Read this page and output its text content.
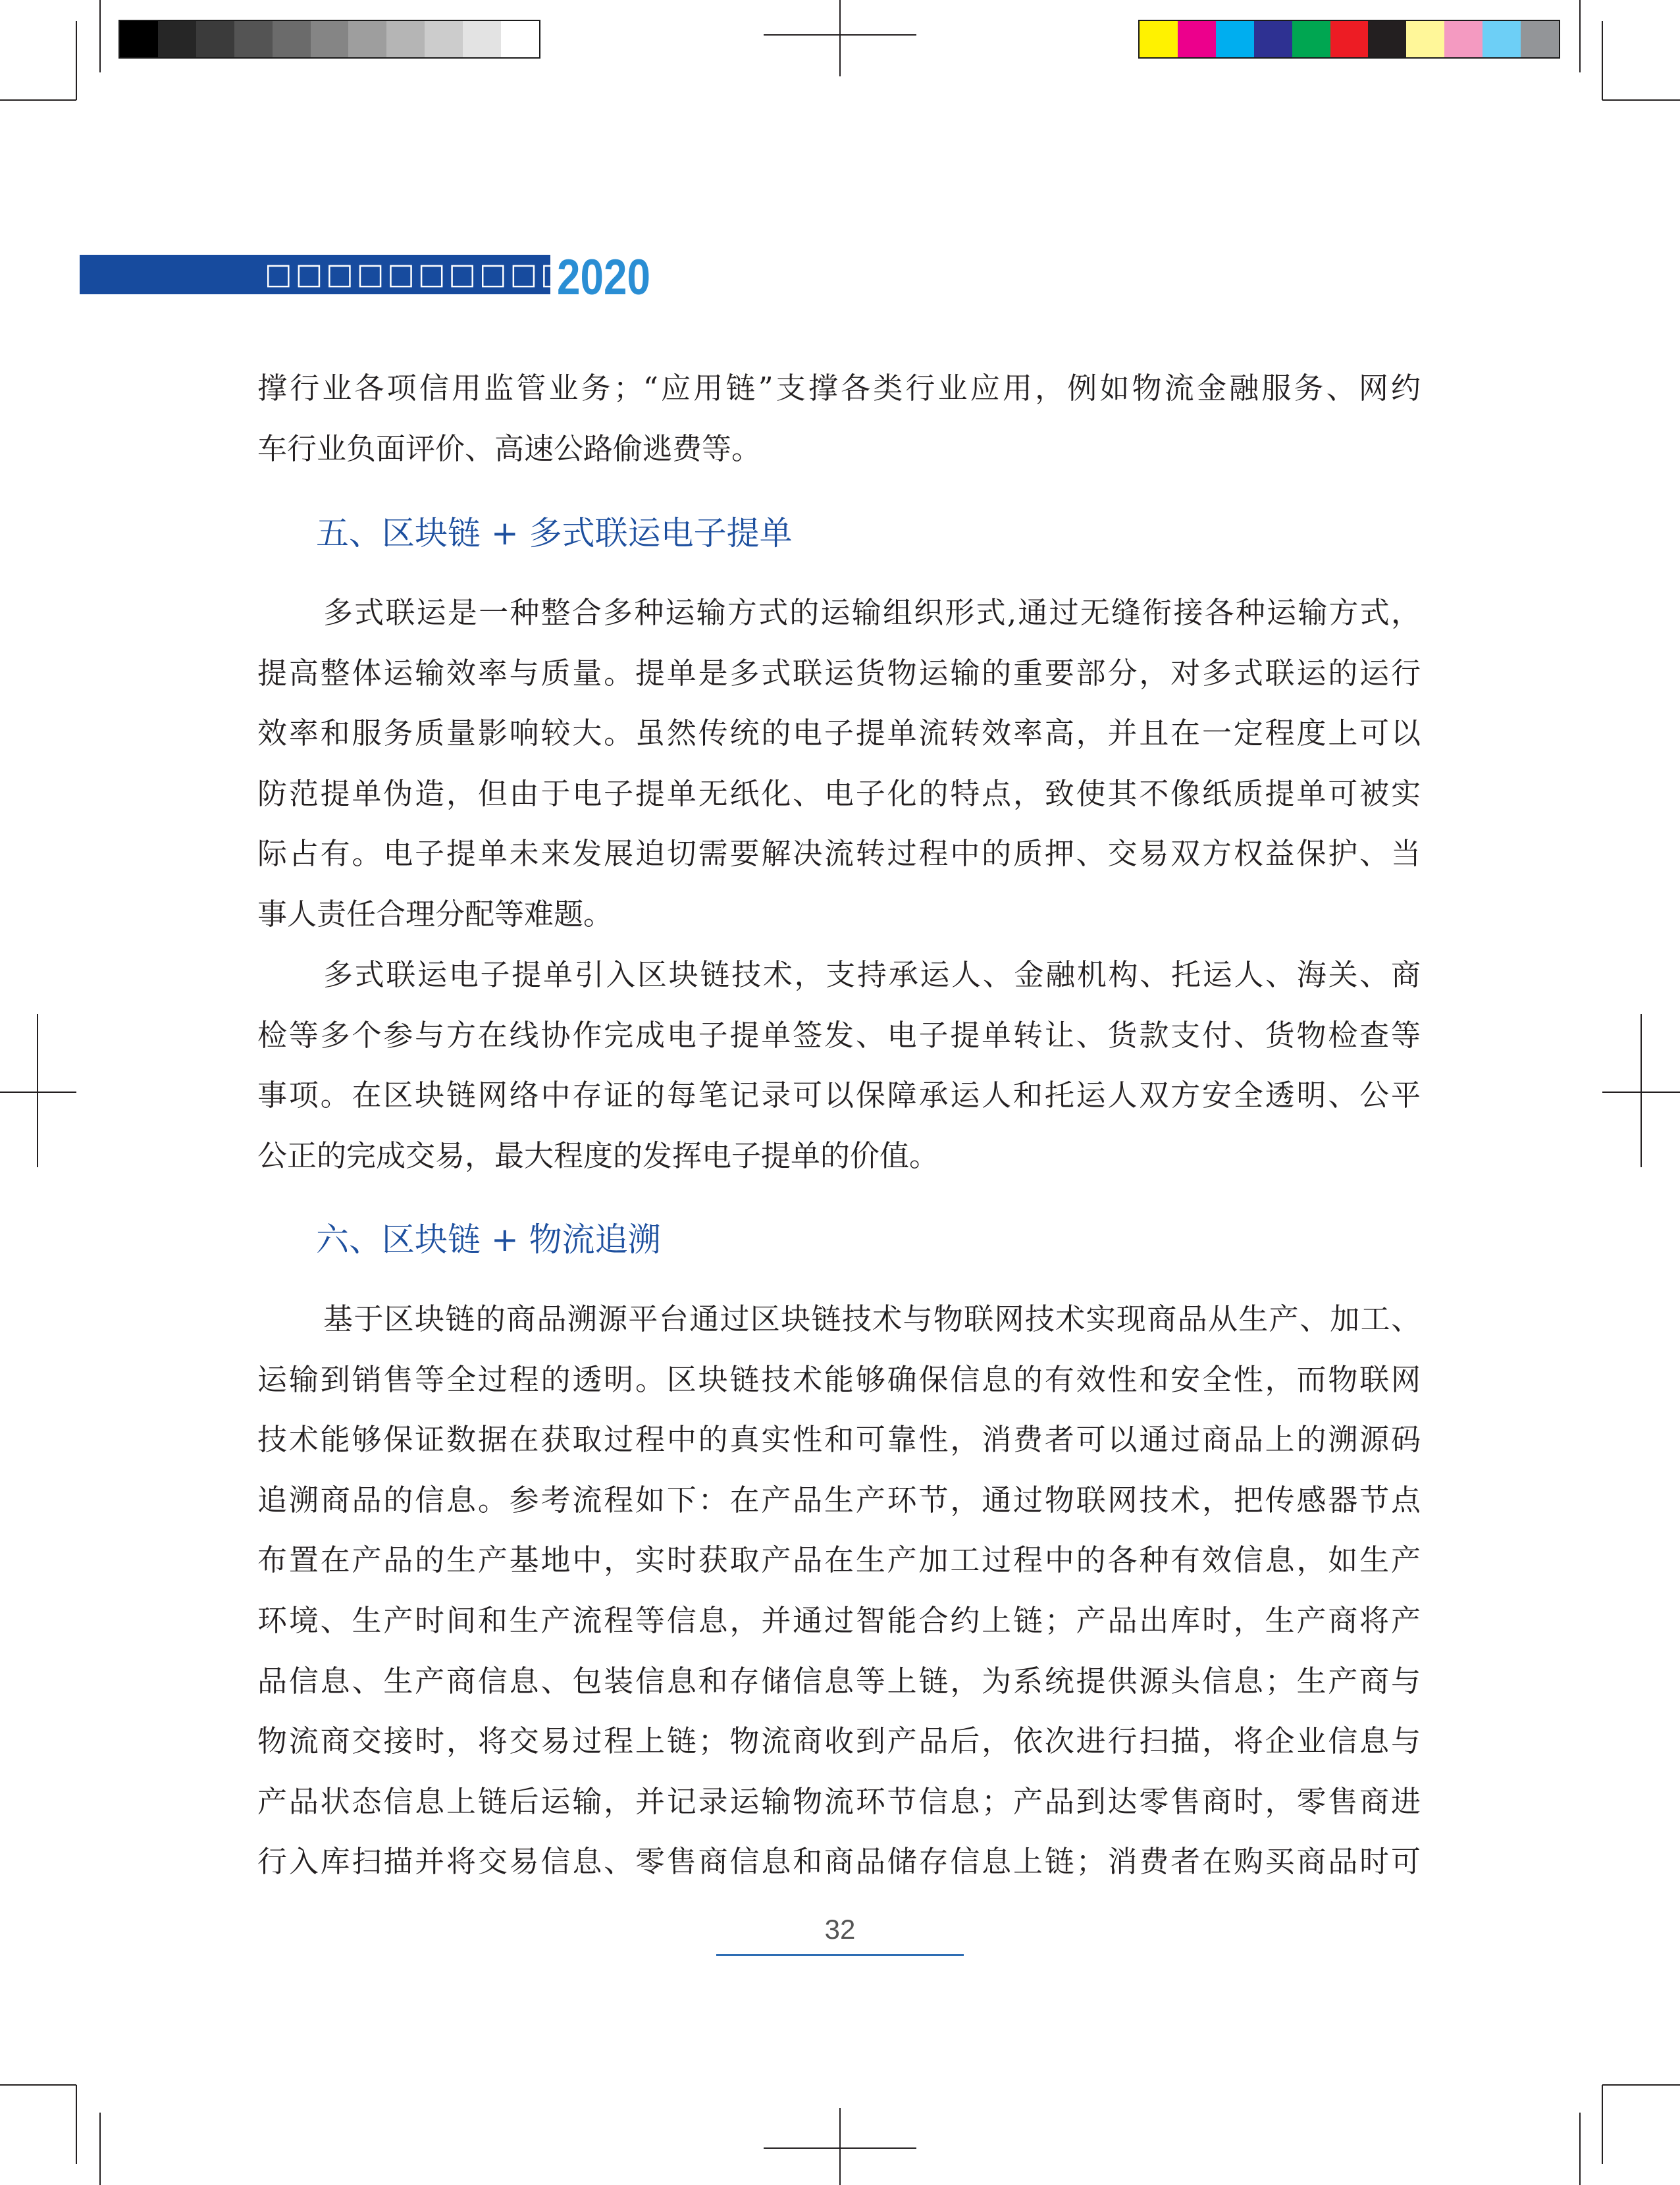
□□□□□□□□□□
2020
撑行业各项信用监管业务；“应用链”支撑各类行业应用，例如物流金融服务、网约
车行业负面评价、高速公路偷逃费等。
五、区块链 + 多式联运电子提单
多式联运是一种整合多种运输方式的运输组织形式,通过无缝衔接各种运输方式，
提高整体运输效率与质量。提单是多式联运货物运输的重要部分，对多式联运的运行
效率和服务质量影响较大。虽然传统的电子提单流转效率高，并且在一定程度上可以
防范提单伪造，但由于电子提单无纸化、电子化的特点，致使其不像纸质提单可被实
际占有。电子提单未来发展迫切需要解决流转过程中的质押、交易双方权益保护、当
事人责任合理分配等难题。
多式联运电子提单引入区块链技术，支持承运人、金融机构、托运人、海关、商
检等多个参与方在线协作完成电子提单签发、电子提单转让、货款支付、货物检查等
事项。在区块链网络中存证的每笔记录可以保障承运人和托运人双方安全透明、公平
公正的完成交易，最大程度的发挥电子提单的价值。
六、区块链 + 物流追溯
基于区块链的商品溯源平台通过区块链技术与物联网技术实现商品从生产、加工、
运输到销售等全过程的透明。区块链技术能够确保信息的有效性和安全性，而物联网
技术能够保证数据在获取过程中的真实性和可靠性，消费者可以通过商品上的溯源码
追溯商品的信息。参考流程如下：在产品生产环节，通过物联网技术，把传感器节点
布置在产品的生产基地中，实时获取产品在生产加工过程中的各种有效信息，如生产
环境、生产时间和生产流程等信息，并通过智能合约上链；产品出库时，生产商将产
品信息、生产商信息、包装信息和存储信息等上链，为系统提供源头信息；生产商与
物流商交接时，将交易过程上链；物流商收到产品后，依次进行扫描，将企业信息与
产品状态信息上链后运输，并记录运输物流环节信息；产品到达零售商时，零售商进
行入库扫描并将交易信息、零售商信息和商品储存信息上链；消费者在购买商品时可
32
